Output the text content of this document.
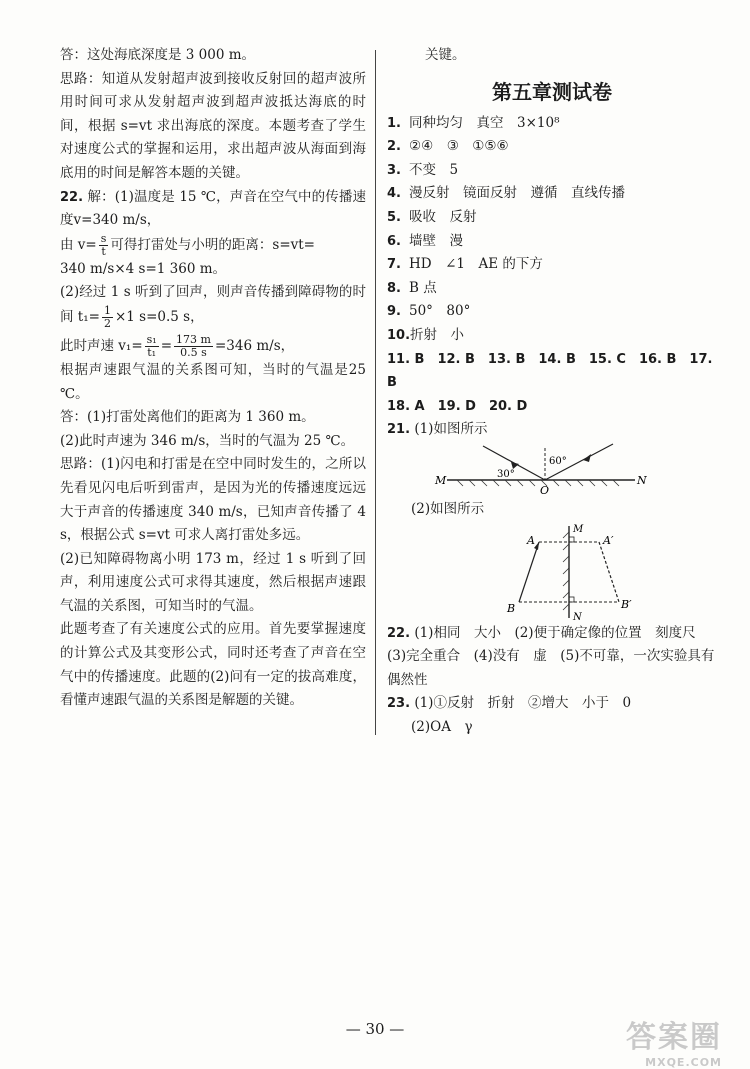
答：这处海底深度是 3 000 m。

思路：知道从发射超声波到接收反射回的超声波所用时间可求从发射超声波到超声波抵达海底的时间，根据 s=vt 求出海底的深度。本题考查了学生对速度公式的掌握和运用，求出超声波从海面到海底用的时间是解答本题的关键。

22. 解：(1)温度是 15 ℃，声音在空气中的传播速度v=340 m/s，

由 $v= \frac{s}{t}$ 可得打雷处与小明的距离：s=vt=

340 m/s×4 s=1 360 m。

(2)经过 1 s 听到了回声，则声音传播到障碍物的时间 $t_1= \frac{1}{2} \times 1$ s=0.5 s，

此时声速 $v_1= \frac{\text{s₁}}{\text{t₁}} = \frac{173 m}{0.5 s} =346$ m/s，

根据声速跟气温的关系图可知，当时的气温是25 ℃。

答：(1)打雷处离他们的距离为 1 360 m。

(2)此时声速为 346 m/s，当时的气温为 25 ℃。

思路：(1)闪电和打雷是在空中同时发生的，之所以先看见闪电后听到雷声，是因为光的传播速度远远大于声音的传播速度 340 m/s，已知声音传播了 4 s，根据公式 s=vt 可求人离打雷处多远。

(2)已知障碍物离小明 173 m，经过 1 s 听到了回声，利用速度公式可求得其速度，然后根据声速跟气温的关系图，可知当时的气温。

此题考查了有关速度公式的应用。首先要掌握速度的计算公式及其变形公式，同时还考查了声音在空气中的传播速度。此题的(2)问有一定的拔高难度，看懂声速跟气温的关系图是解题的关键。

关键。

第五章测试卷

1. 同种均匀　真空　3×10⁸

2. ②④　③　①⑤⑥

3. 不变　5

4. 漫反射　镜面反射　遵循　直线传播

5. 吸收　反射

6. 墙壁　漫

7. HD　∠1　AE 的下方

8. B 点

9. 50°　80°

10.折射　小

11. B　12. B　13. B　14. B　15. C　16. B　17. B

18. A　19. D　20. D

21. (1)如图所示

30°
60°
M	N
O

(2)如图所示

A	A′
B	B′
M
N

22. (1)相同　大小　(2)便于确定像的位置　刻度尺　(3)完全重合　(4)没有　虚　(5)不可靠，一次实验具有偶然性

23. (1)①反射　折射　②增大　小于　0

(2)OA　γ

— 30 —	答案圈
MXQE.COM
